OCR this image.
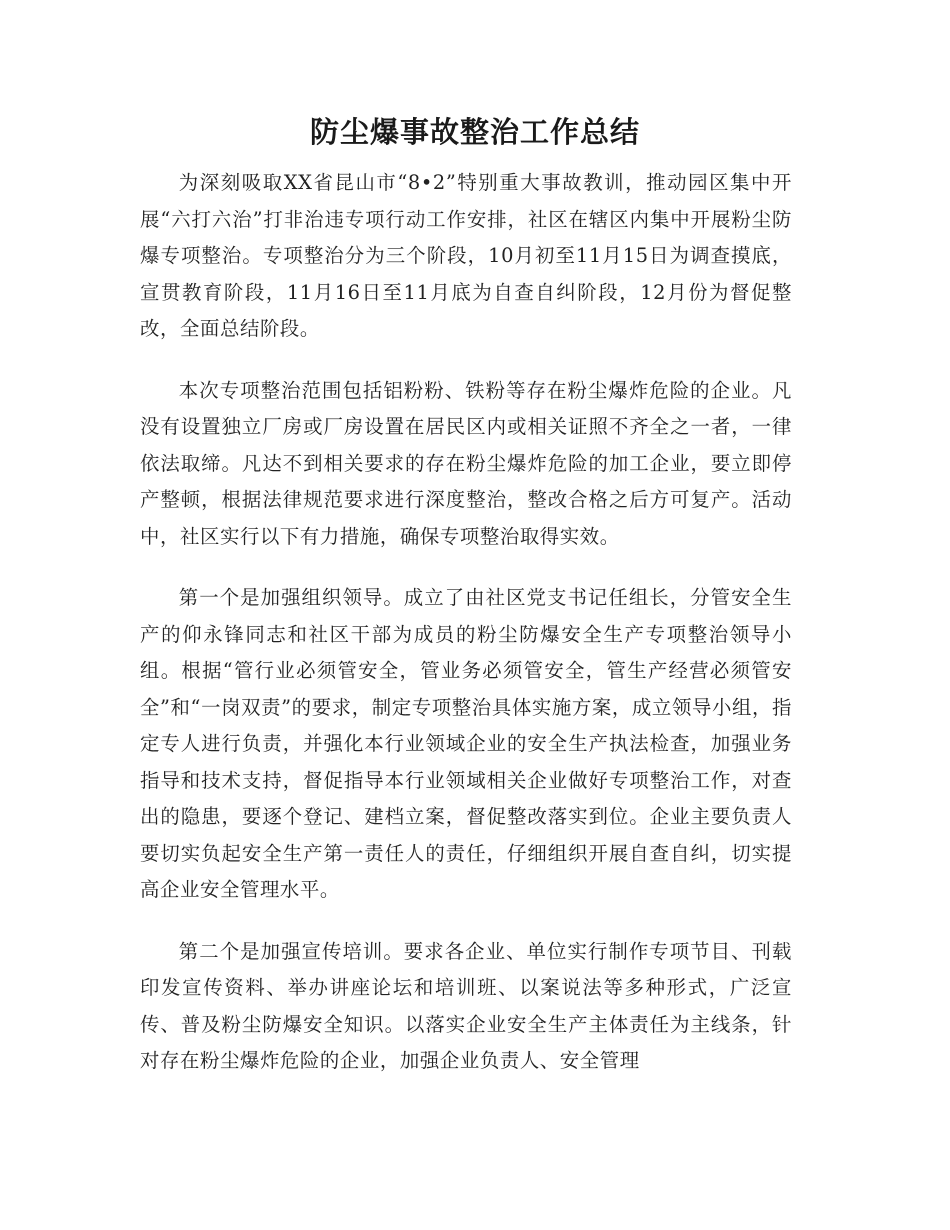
防尘爆事故整治工作总结

为深刻吸取XX省昆山市“8•2”特别重大事故教训，推动园区集中开展“六打六治”打非治违专项行动工作安排，社区在辖区内集中开展粉尘防爆专项整治。专项整治分为三个阶段，10月初至11月15日为调查摸底，宣贯教育阶段，11月16日至11月底为自查自纠阶段，12月份为督促整改，全面总结阶段。

本次专项整治范围包括铝粉粉、铁粉等存在粉尘爆炸危险的企业。凡没有设置独立厂房或厂房设置在居民区内或相关证照不齐全之一者，一律依法取缔。凡达不到相关要求的存在粉尘爆炸危险的加工企业，要立即停产整顿，根据法律规范要求进行深度整治，整改合格之后方可复产。活动中，社区实行以下有力措施，确保专项整治取得实效。

第一个是加强组织领导。成立了由社区党支书记任组长，分管安全生产的仰永锋同志和社区干部为成员的粉尘防爆安全生产专项整治领导小组。根据“管行业必须管安全，管业务必须管安全，管生产经营必须管安全”和“一岗双责”的要求，制定专项整治具体实施方案，成立领导小组，指定专人进行负责，并强化本行业领域企业的安全生产执法检查，加强业务指导和技术支持，督促指导本行业领域相关企业做好专项整治工作，对查出的隐患，要逐个登记、建档立案，督促整改落实到位。企业主要负责人要切实负起安全生产第一责任人的责任，仔细组织开展自查自纠，切实提高企业安全管理水平。

第二个是加强宣传培训。要求各企业、单位实行制作专项节目、刊载印发宣传资料、举办讲座论坛和培训班、以案说法等多种形式，广泛宣传、普及粉尘防爆安全知识。以落实企业安全生产主体责任为主线条，针对存在粉尘爆炸危险的企业，加强企业负责人、安全管理
